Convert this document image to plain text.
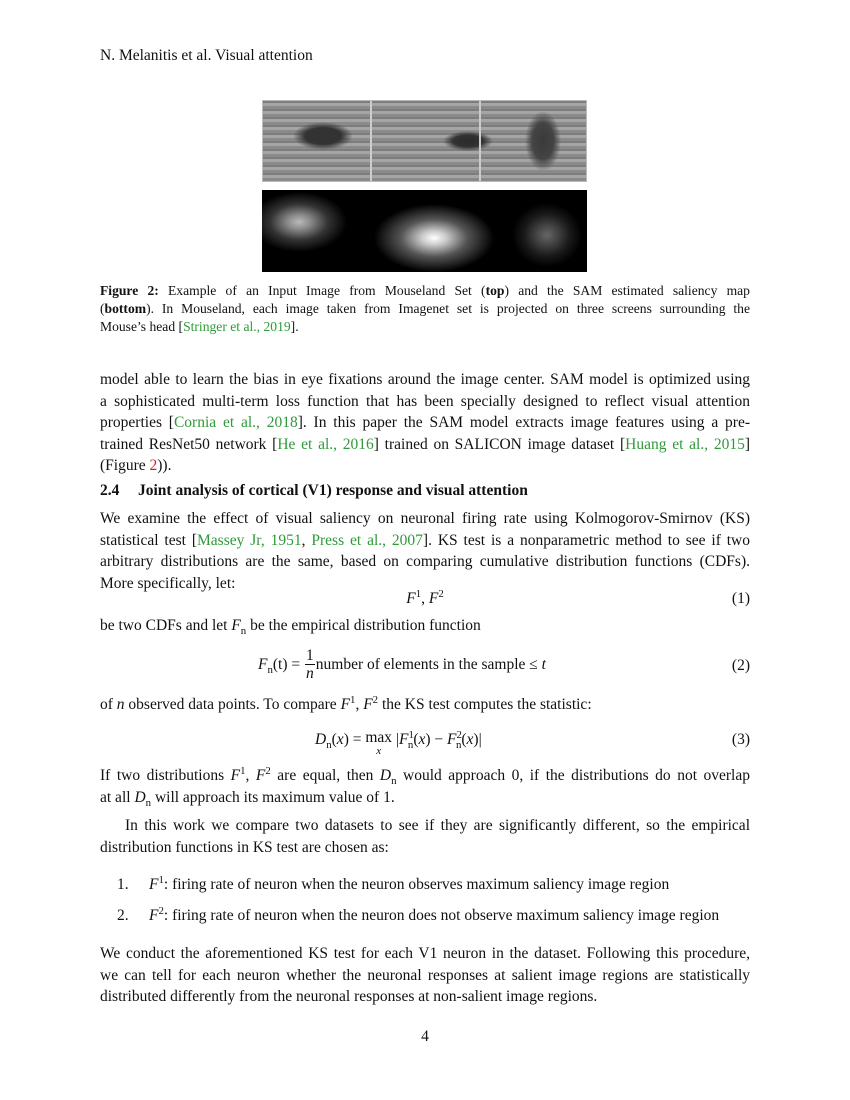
N. Melanitis et al. Visual attention
Figure 2: Example of an Input Image from Mouseland Set (top) and the SAM estimated saliency map
(bottom). In Mouseland, each image taken from Imagenet set is projected on three screens surrounding the
Mouse’s head [Stringer et al., 2019].
model able to learn the bias in eye fixations around the image center. SAM model is optimized using
a sophisticated multi-term loss function that has been specially designed to reflect visual attention
properties [Cornia et al., 2018]. In this paper the SAM model extracts image features using a pre-
trained ResNet50 network [He et al., 2016] trained on SALICON image dataset [Huang et al., 2015]
(Figure 2)).
2.4 Joint analysis of cortical (V1) response and visual attention
We examine the effect of visual saliency on neuronal firing rate using Kolmogorov-Smirnov (KS)
statistical test [Massey Jr, 1951, Press et al., 2007]. KS test is a nonparametric method to see if two
arbitrary distributions are the same, based on comparing cumulative distribution functions (CDFs).
More specifically, let:
$F^1$, $F^2$	(1)
be two CDFs and let $F_n$ be the empirical distribution function
$F_n(t) = \frac{1}{n}$ number of elements in the sample ≤ t	(2)
of n observed data points. To compare $F^1$, $F^2$ the KS test computes the statistic:
$D_n(x) = \max$
x
$|F^1_n(x) - F^2_n(x)|$	(3)
If two distributions $F^1$, $F^2$ are equal, then $D_n$ would approach 0, if the distributions do not overlap
at all $D_n$ will approach its maximum value of 1.
In this work we compare two datasets to see if they are significantly different, so the empirical
distribution functions in KS test are chosen as:
1. $F^1$: firing rate of neuron when the neuron observes maximum saliency image region
2. $F^2$: firing rate of neuron when the neuron does not observe maximum saliency image region
We conduct the aforementioned KS test for each V1 neuron in the dataset. Following this procedure,
we can tell for each neuron whether the neuronal responses at salient image regions are statistically
distributed differently from the neuronal responses at non-salient image regions.
4
